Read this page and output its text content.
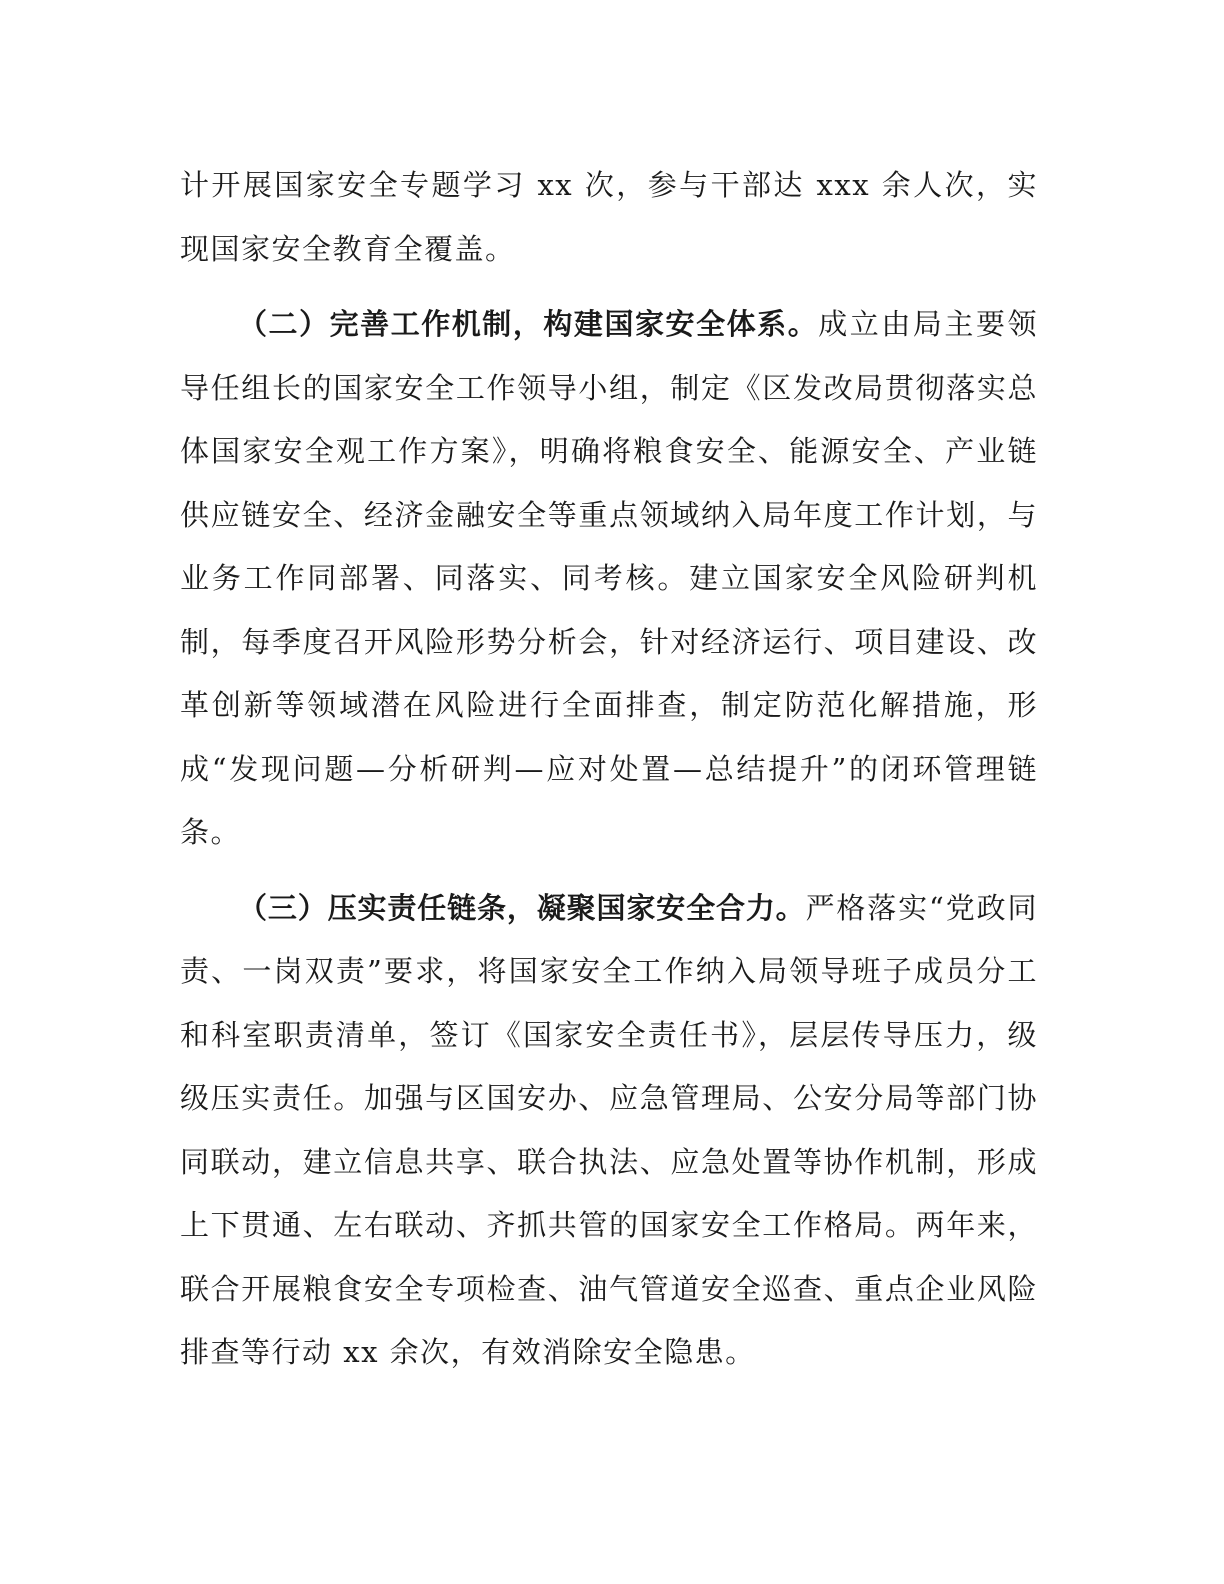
计开展国家安全专题学习 xx 次，参与干部达 xxx 余人次，实现国家安全教育全覆盖。

（二）完善工作机制，构建国家安全体系。成立由局主要领导任组长的国家安全工作领导小组，制定《区发改局贯彻落实总体国家安全观工作方案》，明确将粮食安全、能源安全、产业链供应链安全、经济金融安全等重点领域纳入局年度工作计划，与业务工作同部署、同落实、同考核。建立国家安全风险研判机制，每季度召开风险形势分析会，针对经济运行、项目建设、改革创新等领域潜在风险进行全面排查，制定防范化解措施，形成“发现问题—分析研判—应对处置—总结提升”的闭环管理链条。

（三）压实责任链条，凝聚国家安全合力。严格落实“党政同责、一岗双责”要求，将国家安全工作纳入局领导班子成员分工和科室职责清单，签订《国家安全责任书》，层层传导压力，级级压实责任。加强与区国安办、应急管理局、公安分局等部门协同联动，建立信息共享、联合执法、应急处置等协作机制，形成上下贯通、左右联动、齐抓共管的国家安全工作格局。两年来，联合开展粮食安全专项检查、油气管道安全巡查、重点企业风险排查等行动 xx 余次，有效消除安全隐患。
